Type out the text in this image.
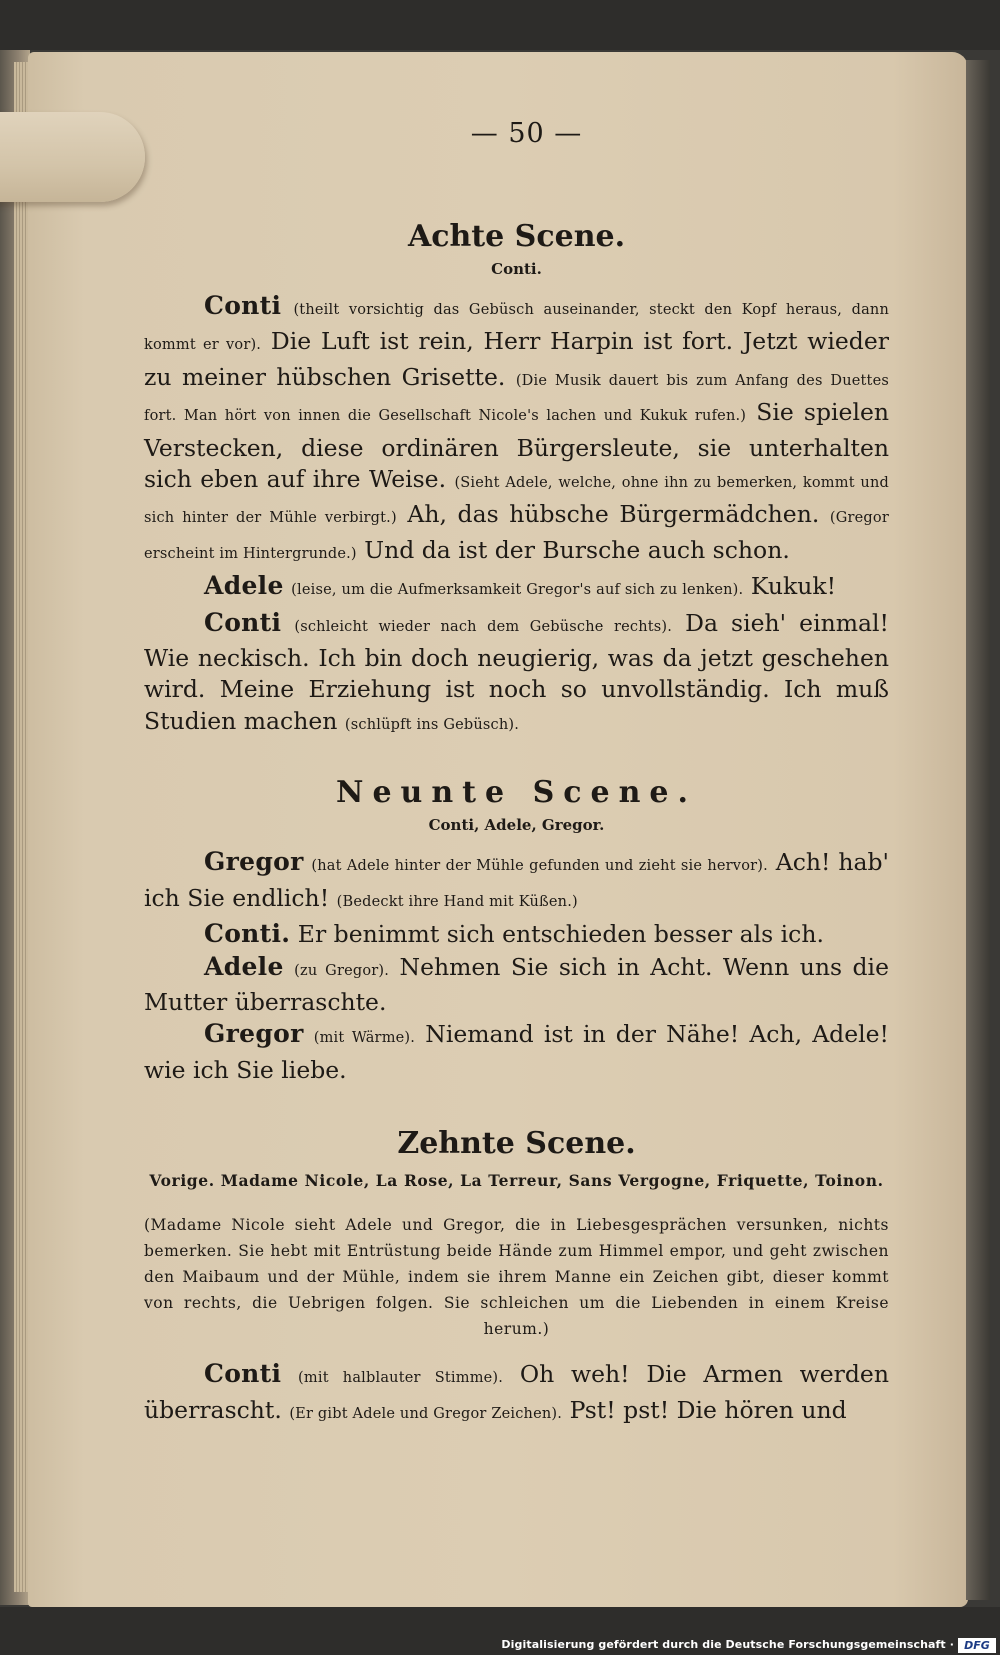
— 50 —
Achte Scene.
Conti.

Conti (theilt vorsichtig das Gebüsch auseinander, steckt den Kopf heraus, dann kommt er vor). Die Luft ist rein, Herr Harpin ist fort. Jetzt wieder zu meiner hübschen Grisette. (Die Musik dauert bis zum Anfang des Duettes fort. Man hört von innen die Gesellschaft Nicole's lachen und Kukuk rufen.) Sie spielen Verstecken, diese ordinären Bürgersleute, sie unterhalten sich eben auf ihre Weise. (Sieht Adele, welche, ohne ihn zu bemerken, kommt und sich hinter der Mühle verbirgt.) Ah, das hübsche Bürgermädchen. (Gregor erscheint im Hintergrunde.) Und da ist der Bursche auch schon.

Adele (leise, um die Aufmerksamkeit Gregor's auf sich zu lenken). Kukuk!

Conti (schleicht wieder nach dem Gebüsche rechts). Da sieh' einmal! Wie neckisch. Ich bin doch neugierig, was da jetzt geschehen wird. Meine Erziehung ist noch so unvollständig. Ich muß Studien machen (schlüpft ins Gebüsch).

Neunte Scene.
Conti, Adele, Gregor.

Gregor (hat Adele hinter der Mühle gefunden und zieht sie hervor). Ach! hab' ich Sie endlich! (Bedeckt ihre Hand mit Küßen.)

Conti. Er benimmt sich entschieden besser als ich.

Adele (zu Gregor). Nehmen Sie sich in Acht. Wenn uns die Mutter überraschte.

Gregor (mit Wärme). Niemand ist in der Nähe! Ach, Adele! wie ich Sie liebe.

Zehnte Scene.
Vorige. Madame Nicole, La Rose, La Terreur, Sans Vergogne, Friquette, Toinon.
(Madame Nicole sieht Adele und Gregor, die in Liebesgesprächen versunken, nichts bemerken. Sie hebt mit Entrüstung beide Hände zum Himmel empor, und geht zwischen den Maibaum und der Mühle, indem sie ihrem Manne ein Zeichen gibt, dieser kommt von rechts, die Uebrigen folgen. Sie schleichen um die Liebenden in einem Kreise herum.)

Conti (mit halblauter Stimme). Oh weh! Die Armen werden überrascht. (Er gibt Adele und Gregor Zeichen). Pst! pst! Die hören und

Digitalisierung gefördert durch die Deutsche Forschungsgemeinschaft · DFG
